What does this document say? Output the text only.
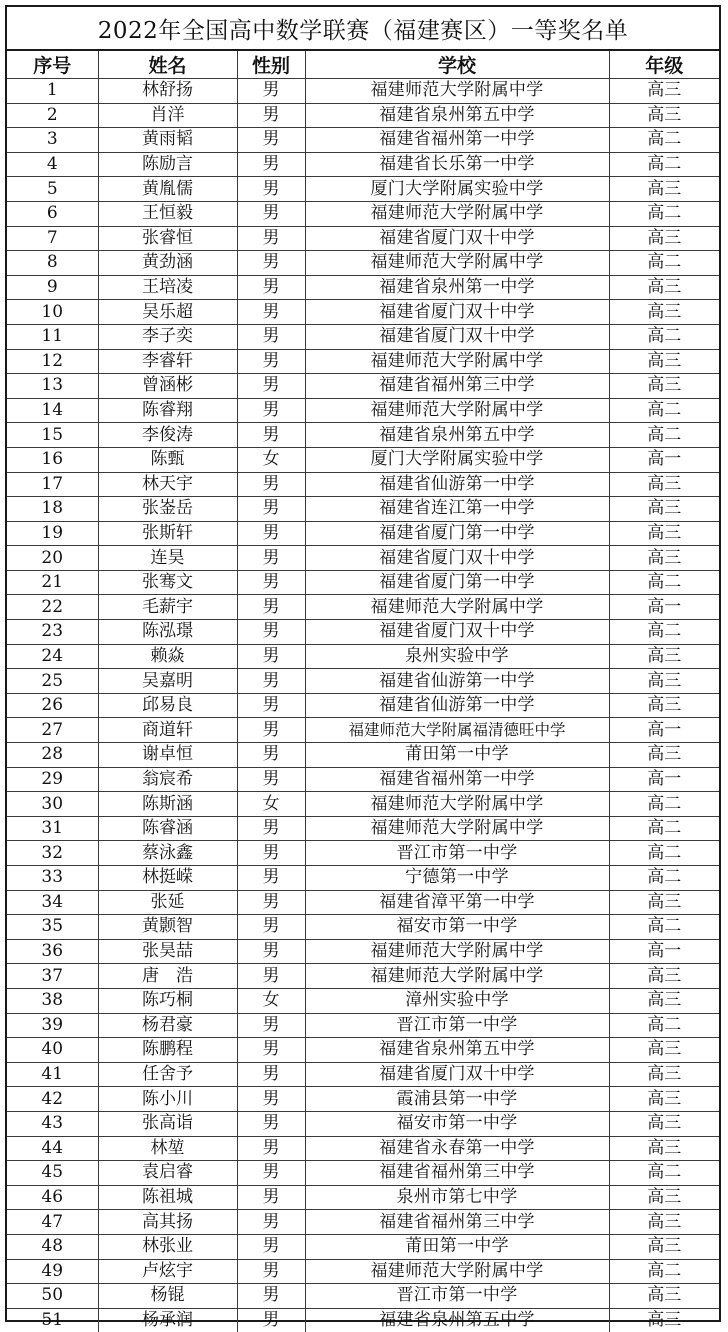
2022年全国高中数学联赛（福建赛区）一等奖名单
序号	姓名	性别	学校	年级
1	林舒扬	男	福建师范大学附属中学	高三
2	肖洋	男	福建省泉州第五中学	高三
3	黄雨韬	男	福建省福州第一中学	高二
4	陈励言	男	福建省长乐第一中学	高二
5	黄胤儒	男	厦门大学附属实验中学	高三
6	王恒毅	男	福建师范大学附属中学	高二
7	张睿恒	男	福建省厦门双十中学	高三
8	黄劲涵	男	福建师范大学附属中学	高二
9	王培凌	男	福建省泉州第一中学	高三
10	吴乐超	男	福建省厦门双十中学	高三
11	李子奕	男	福建省厦门双十中学	高二
12	李睿轩	男	福建师范大学附属中学	高三
13	曾涵彬	男	福建省福州第三中学	高三
14	陈睿翔	男	福建师范大学附属中学	高二
15	李俊涛	男	福建省泉州第五中学	高二
16	陈甄	女	厦门大学附属实验中学	高一
17	林天宇	男	福建省仙游第一中学	高三
18	张崟岳	男	福建省连江第一中学	高三
19	张斯轩	男	福建省厦门第一中学	高三
20	连昊	男	福建省厦门双十中学	高三
21	张骞文	男	福建省厦门第一中学	高二
22	毛薪宇	男	福建师范大学附属中学	高一
23	陈泓璟	男	福建省厦门双十中学	高二
24	赖焱	男	泉州实验中学	高三
25	吴嘉明	男	福建省仙游第一中学	高三
26	邱易良	男	福建省仙游第一中学	高三
27	商道轩	男	福建师范大学附属福清德旺中学	高一
28	谢卓恒	男	莆田第一中学	高三
29	翁宸希	男	福建省福州第一中学	高一
30	陈斯涵	女	福建师范大学附属中学	高二
31	陈睿涵	男	福建师范大学附属中学	高二
32	蔡泳鑫	男	晋江市第一中学	高二
33	林挺嵘	男	宁德第一中学	高二
34	张延	男	福建省漳平第一中学	高三
35	黄颢智	男	福安市第一中学	高二
36	张昊喆	男	福建师范大学附属中学	高一
37	唐　浩	男	福建师范大学附属中学	高三
38	陈巧桐	女	漳州实验中学	高三
39	杨君豪	男	晋江市第一中学	高二
40	陈鹏程	男	福建省泉州第五中学	高三
41	任舍予	男	福建省厦门双十中学	高三
42	陈小川	男	霞浦县第一中学	高三
43	张高诣	男	福安市第一中学	高三
44	林堃	男	福建省永春第一中学	高三
45	袁启睿	男	福建省福州第三中学	高二
46	陈祖城	男	泉州市第七中学	高三
47	高其扬	男	福建省福州第三中学	高三
48	林张业	男	莆田第一中学	高三
49	卢炫宇	男	福建师范大学附属中学	高二
50	杨锟	男	晋江市第一中学	高三
51	杨承润	男	福建省泉州第五中学	高三
